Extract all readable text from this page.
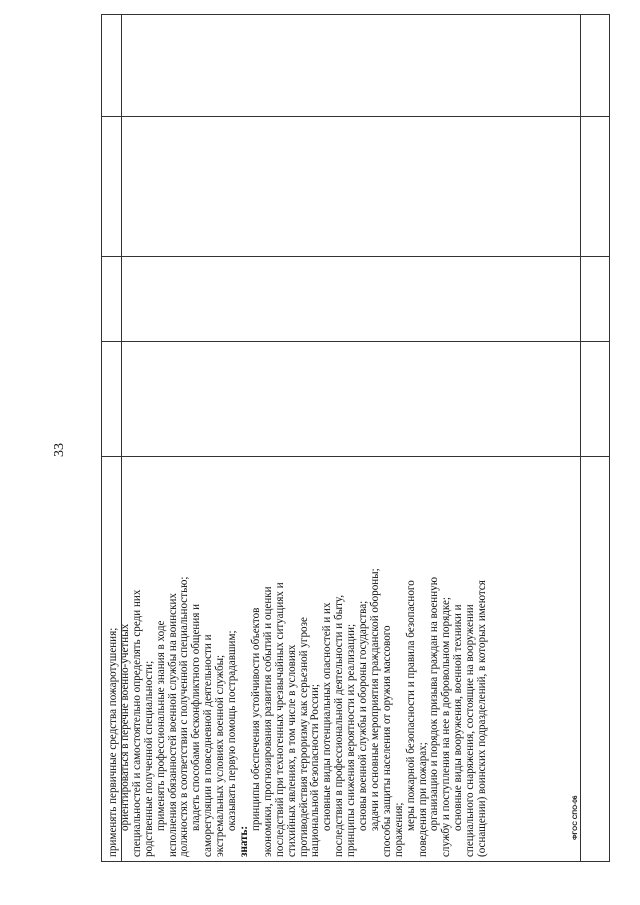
применять первичные средства пожаротушения; ориентироваться в перечне военно-учетных специальностей и самостоятельно определять среди них родственные полученной специальности; применять профессиональные знания в ходе исполнения обязанностей военной службы на воинских должностях в соответствии с полученной специальностью; владеть способами бесконфликтного общения и саморегуляции в повседневной деятельности и экстремальных условиях военной службы; оказывать первую помощь пострадавшим;

знать:

принципы обеспечения устойчивости объектов экономики, прогнозирования развития событий и оценки последствий при техногенных чрезвычайных ситуациях и стихийных явлениях, в том числе в условиях противодействия терроризму как серьезной угрозе национальной безопасности России; основные виды потенциальных опасностей и их последствия в профессиональной деятельности и быту, принципы снижения вероятности их реализации; основы военной службы и обороны государства; задачи и основные мероприятия гражданской обороны; способы защиты населения от оружия массового поражения; меры пожарной безопасности и правила безопасного поведения при пожарах; организацию и порядок призыва граждан на военную службу и поступления на нее в добровольном порядке; основные виды вооружения, военной техники и специального снаряжения, состоящие на вооружении (оснащении) воинских подразделений, в которых имеются

33
ФГОС СПО-06
